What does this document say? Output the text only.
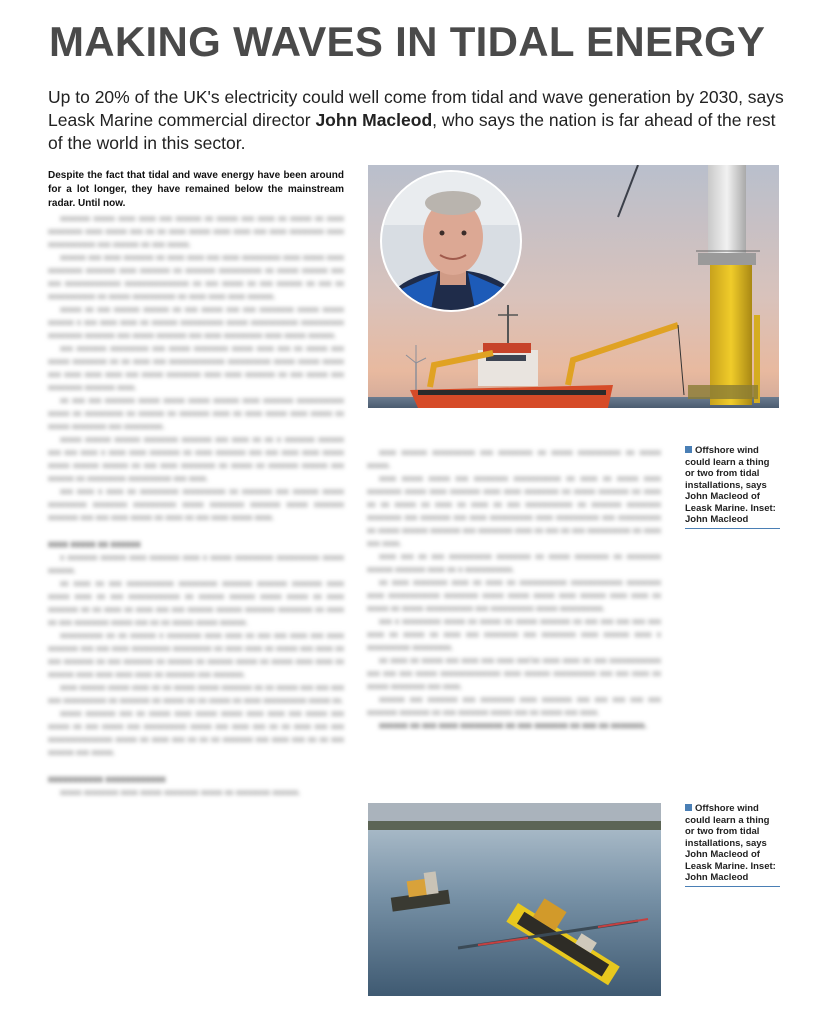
MAKING WAVES IN TIDAL ENERGY
Up to 20% of the UK's electricity could well come from tidal and wave generation by 2030, says Leask Marine commercial director John Macleod, who says the nation is far ahead of the rest of the world in this sector.
Despite the fact that tidal and wave energy have been around for a lot longer, they have remained below the mainstream radar. Until now.

xxxxxxx xxxxx xxxx xxxx xxx xxxxxx xx xxxxx xxx xxxx xx xxxxx xx xxxx xxxxxxxx xxxx xxxxx xxx xx xx xxxx xxxxx xxxx xxxx xxx xxxx xxxxxxxx xxxx xxxxxxxxxxx xxx xxxxxx xx xxx xxxxx.

xxxxxx xxx xxxx xxxxxxx xx xxxx xxxx xxx xxxx xxxxxxxxx xxxx xxxxx xxxx xxxxxxxx xxxxxxx xxxx xxxxxxx xx xxxxxxx xxxxxxxxxx xx xxxxx xxxxxx xxx xxx xxxxxxxxxxxxx xxxxxxxxxxxxxxx xx xxx xxxxx xx xxx xxxxxx xx xxx xx xxxxxxxxxxx xx xxxxx xxxxxxxxxx xx xxxx xxxx xxxx xxxxxx.

xxxxx xx xxx xxxxxx xxxxxx xx xxx xxxxx xxx xxx xxxxxxxx xxxxx xxxxx xxxxxx x xxx xxxx xxxx xx xxxxxx xxxxxxxxxx xxxxx xxxxxxxxxxx xxxxxxxxxx xxxxxxxx xxxxxxx xxx xxxxx xxxxxxx xxx xxxx xxxxxxxxx xxxx xxxxx xxxxxx.

xxx xxxxxxx xxxxxxxxx xxx xxxxx xxxxxxxx xxxxx xxxx xxx xx xxxxx xxx xxxxx xxxxxxxx xx xx xxxx xxx xxxxxxxxxxxxx xxxxxxxxxx xxxxx xxxxx xxxxx xxx xxxx xxxx xxxx xxx xxxxx xxxxxxxx xxxx xxxx xxxxxxx xx xxx xxxxx xxx xxxxxxxx xxxxxxx xxxx.

xx xxx xxx xxxxxxx xxxxx xxxxx xxxxx xxxxxx xxxx xxxxxxx xxxxxxxxxxx xxxxx xx xxxxxxxxx xx xxxxxx xx xxxxxxx xxxx xx xxxx xxxxx xxxx xxxxx xx xxxxx xxxxxxxx xxx xxxxxxxxx.

xxxxx xxxxxx xxxxxx xxxxxxxx xxxxxxx xxx xxxx xx xx x xxxxxxx xxxxxx xxx xxx xxxx x xxxx xxxx xxxxxxx xx xxxx xxxxxxx xxx xxx xxxx xxxx xxxxx xxxxx xxxxxx xxxxxx xx xxx xxxx xxxxxxxx xx xxxxx xx xxxxxxx xxxxxx xxx xxxxxx xx xxxxxxxxx xxxxxxxxxx xxx xxxx.

xxx xxxx x xxxx xx xxxxxxxxx xxxxxxxxxx xx xxxxxxx xxx xxxxxx xxxxx xxxxxxxxx xxxxxxxx xxxxxxxxxx xxxxx xxxxxxxx xxxxxxx xxxxx xxxxxxx xxxxxxx xxx xxx xxxx xxxxx xx xxxx xx xxx xxxx xxxxx xxxx.

xxxx xxxxx xx xxxxxx

x xxxxxxx xxxxxx xxxx xxxxxxx xxxx x xxxxx xxxxxxxxx xxxxxxxxxx xxxxx xxxxxx.

xx xxxx xx xxx xxxxxxxxxxx xxxxxxxxx xxxxxxx xxxxxxx xxxxxxx xxxx xxxxx xxxx xx xxx xxxxxxxxxxxx xx xxxxxx xxxxxx xxxxx xxxxx xx xxxx xxxxxxx xx xx xxxx xx xxxx xxx xxx xxxxxx xxxxxx xxxxxxx xxxxxxxx xx xxxx xx xxx xxxxxxxx xxxxx xxx xx xx xxxxx xxxxx xxxxxx.

xxxxxxxxxx xx xx xxxxxx x xxxxxxxx xxxx xxxx xx xxx xxx xxxx xxx xxxx xxxxxxx xxx xxx xxxx xxxxxxxxx xxxxxxxxx xx xxxx xxxx xx xxxxx xxx xxxx xx xxx xxxxxxx xx xxx xxxxxxx xx xxxxxx xx xxxxxx xxxxx xx xxxxx xxxx xxxx xx xxxxxx xxxx xxxx xxxx xxxx xx xxxxxxx xxx xxxxxxx.

xxxx xxxxxx xxxxx xxxx xx xx xxxxx xxxxx xxxxxxx xx xx xxxxx xxx xxx xxx xxx xxxxxxxxxx xx xxxxxxx xx xxxxx xx xx xxxxx xx xxxx xxxxxxxxxx xxxxx xx.

xxxxx xxxxxxx xxx xx xxxxx xxxx xxxxx xxxxx xxxx xxxx xxx xxxxx xxx xxxxx xx xxx xxxxx xxx xxxxxxxxxx xxxxx xxx xxxx xxx xx xx xxxx xxx xxx xxxxxxxxxxxxxxx xxxxx xx xxxx xxx xx xx xx xxxxxxx xxx xxxx xxx xx xx xxx xxxxxx xxx xxxxx.

xxxxxxxxxxx xxxxxxxxxxxx

xxxxx xxxxxxxx xxxx xxxxx xxxxxxxx xxxxx xx xxxxxxxx xxxxxx.

xxxx xxxxxx xxxxxxxxxx xxx xxxxxxxx xx xxxxx xxxxxxxxxx xx xxxxx xxxxx.

xxxx xxxxx xxxxx xxx xxxxxxxx xxxxxxxxxxx xx xxxx xx xxxxx xxxx xxxxxxxx xxxxx xxxx xxxxxxx xxxx xxxx xxxxxxxx xx xxxxx xxxxxxx xx xxxx xx xx xxxxx xx xxxx xx xxxx xx xxx xxxxxxxxxxx xx xxxxxxx xxxxxxxx xxxxxxxx xxx xxxxxxx xxx xxxx xxxxxxxxxx xxxx xxxxxxxxxx xxx xxxxxxxxxx xx xxxxx xxxxxx xxxxxxx xxx xxxxxxxx xxxx xx xxx xx xxx xxxxxxxxxx xx xxxx xxx xxxx.

xxxx xxx xx xxx xxxxxxxxxx xxxxxxxx xx xxxxx xxxxxxxx xx xxxxxxxx xxxxxx xxxxxxx xxxx xx x xxxxxxxxxxx.

xx xxxx xxxxxxxx xxxx xx xxxx xx xxxxxxxxxxx xxxxxxxxxxxx xxxxxxxx xxxx xxxxxxxxxxxx xxxxxxxx xxxxx xxxxx xxxxx xxxx xxxxxx xxxx xxxx xx xxxxx xx xxxxx xxxxxxxxxxx xxx xxxxxxxxxx xxxxx xxxxxxxxxx.

xxx x xxxxxxxxx xxxxx xx xxxxx xx xxxxx xxxxxxx xx xxx xxx xxx xxx xxx xxxx xx xxxxx xx xxxx xxx xxxxxxxx xxx xxxxxxxx xxxx xxxxxx xxxx x xxxxxxxxxx xxxxxxxxx.

xx xxxx xx xxxxx xxx xxxx xxx xxxx xxx'xx xxxx xxxx xx xxx xxxxxxxxxxxx xxx xxx xxx xxxxx xxxxxxxxxxxxxx xxxx xxxxxx xxxxxxxxxx xxx xxx xxxx xx xxxxx xxxxxxxx xxx xxxx.

xxxxxx xxx xxxxxxx xxx xxxxxxxx xxxx xxxxxxx xxx xxx xxx xxx xxx xxxxxxx xxxxxxx xx xxx xxxxxxx xxxxx xxx xx xxxxx xxx xxxx.

xxxxxx xx xxx xxxx xxxxxxxxx xx xxx xxxxxxx xx xxx xx xxxxxxx.

Offshore wind could learn a thing or two from tidal installations, says John Macleod of Leask Marine. Inset: John Macleod
Offshore wind could learn a thing or two from tidal installations, says John Macleod of Leask Marine. Inset: John Macleod
